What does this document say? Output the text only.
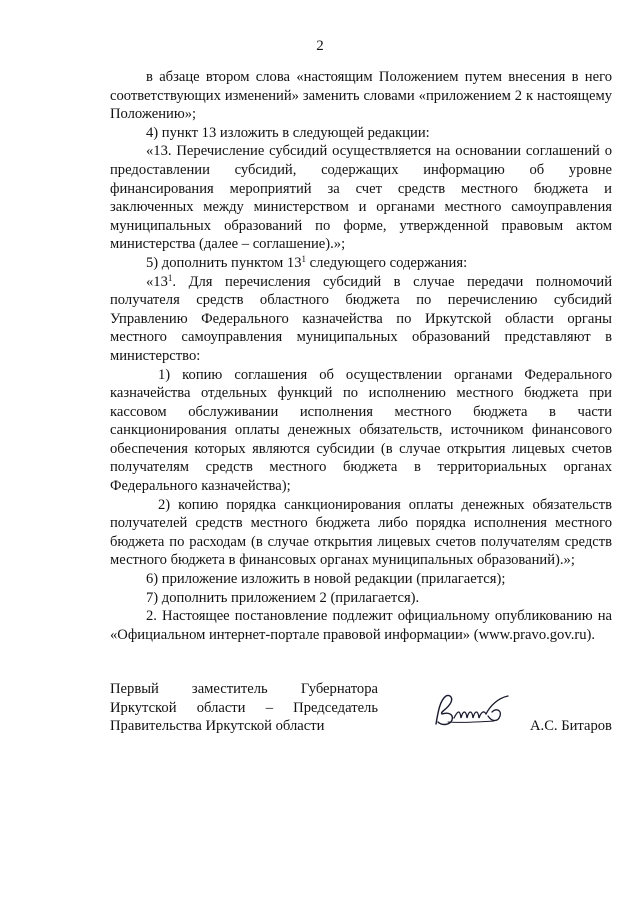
2

в абзаце втором слова «настоящим Положением путем внесения в него соответствующих изменений» заменить словами «приложением 2 к настоящему Положению»;

4) пункт 13 изложить в следующей редакции:

«13. Перечисление субсидий осуществляется на основании соглашений о предоставлении субсидий, содержащих информацию об уровне финансирования мероприятий за счет средств местного бюджета и заключенных между министерством и органами местного самоуправления муниципальных образований по форме, утвержденной правовым актом министерства (далее – соглашение).»;

5) дополнить пунктом $13^1$ следующего содержания:

«$13^1$. Для перечисления субсидий в случае передачи полномочий получателя средств областного бюджета по перечислению субсидий Управлению Федерального казначейства по Иркутской области органы местного самоуправления муниципальных образований представляют в министерство:

1) копию соглашения об осуществлении органами Федерального казначейства отдельных функций по исполнению местного бюджета при кассовом обслуживании исполнения местного бюджета в части санкционирования оплаты денежных обязательств, источником финансового обеспечения которых являются субсидии (в случае открытия лицевых счетов получателям средств местного бюджета в территориальных органах Федерального казначейства);

2) копию порядка санкционирования оплаты денежных обязательств получателей средств местного бюджета либо порядка исполнения местного бюджета по расходам (в случае открытия лицевых счетов получателям средств местного бюджета в финансовых органах муниципальных образований).»;

6) приложение изложить в новой редакции (прилагается);

7) дополнить приложением 2 (прилагается).

2. Настоящее постановление подлежит официальному опубликованию на «Официальном интернет-портале правовой информации» (www.pravo.gov.ru).

Первый заместитель Губернатора
Иркутской области – Председатель
Правительства Иркутской области	А.С. Битаров
